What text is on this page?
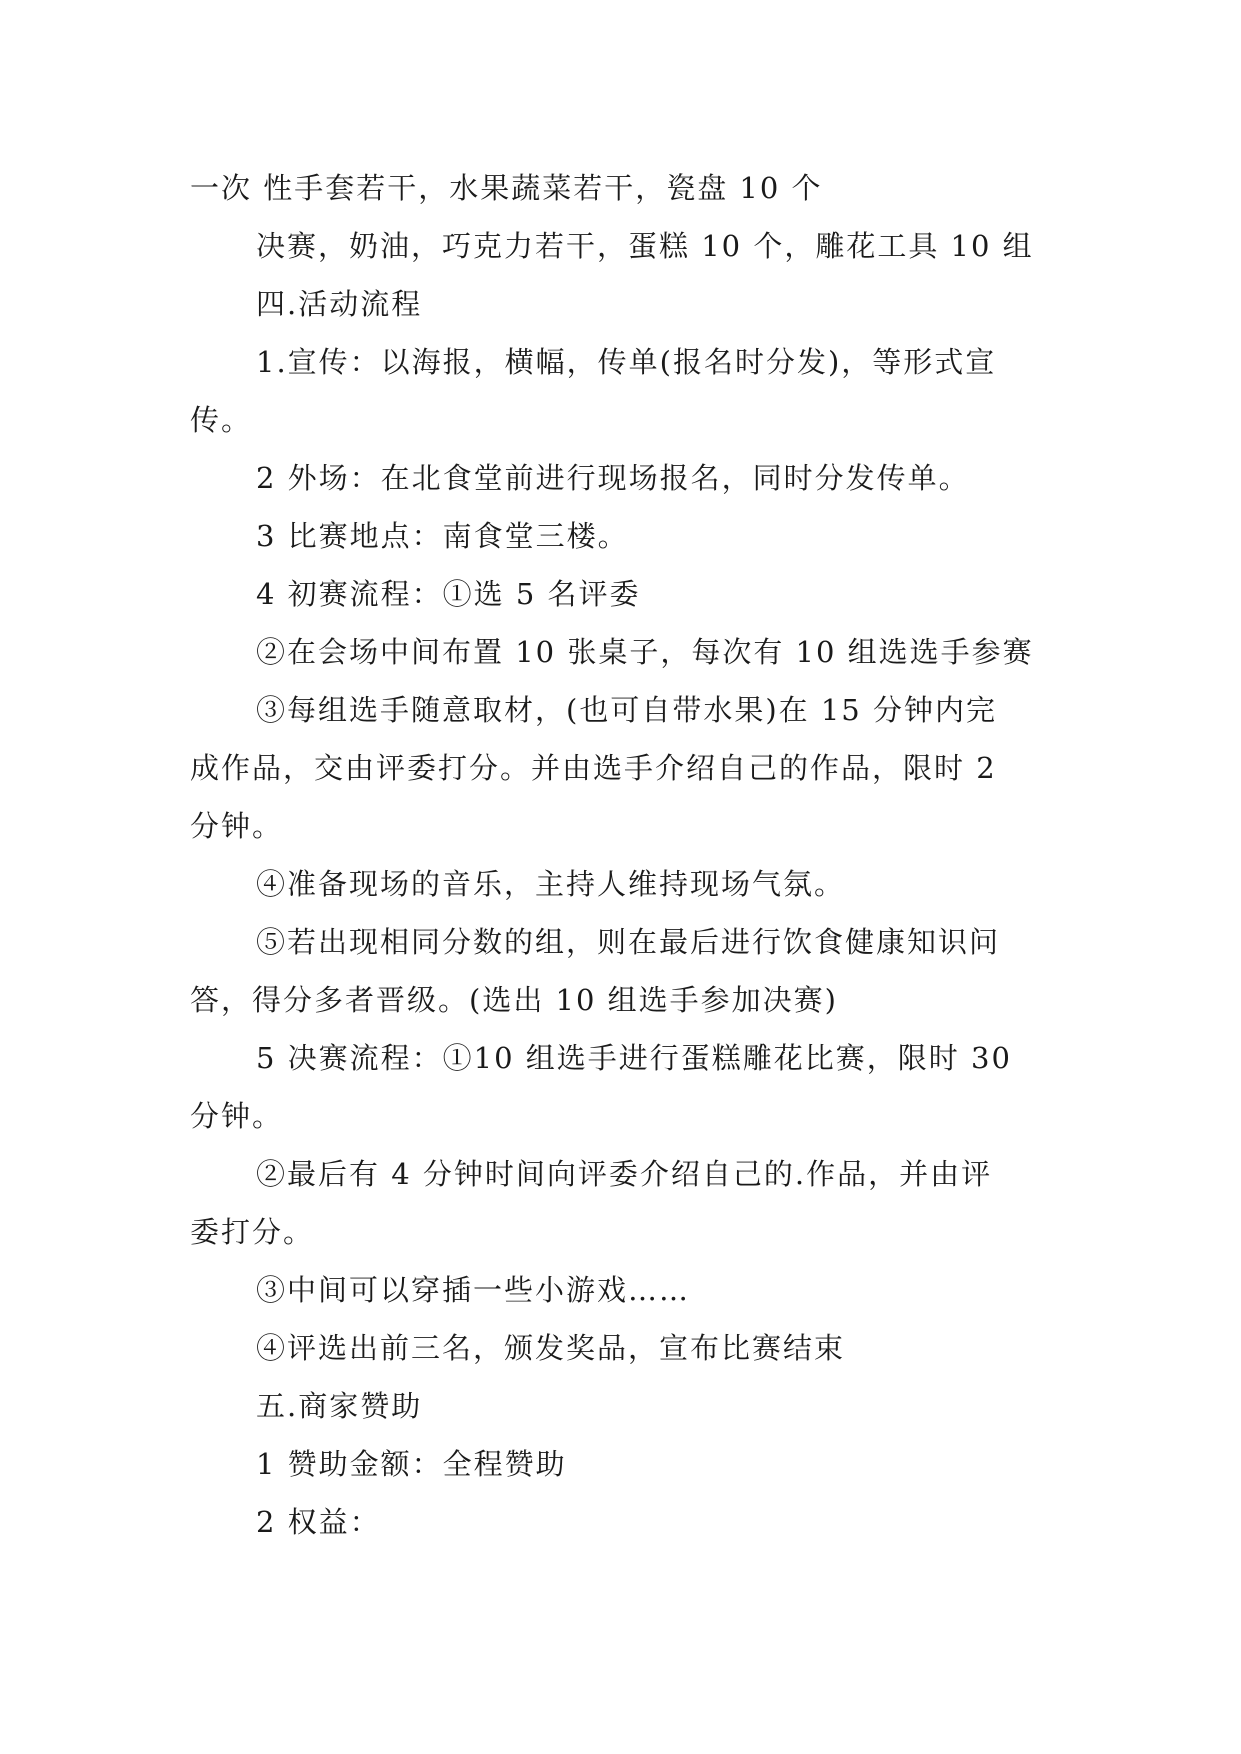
一次 性手套若干，水果蔬菜若干，瓷盘 10 个
决赛，奶油，巧克力若干，蛋糕 10 个，雕花工具 10 组
四.活动流程
1.宣传：以海报，横幅，传单(报名时分发)，等形式宣
传。
2 外场：在北食堂前进行现场报名，同时分发传单。
3 比赛地点：南食堂三楼。
4 初赛流程：①选 5 名评委
②在会场中间布置 10 张桌子，每次有 10 组选选手参赛
③每组选手随意取材，(也可自带水果)在 15 分钟内完
成作品，交由评委打分。并由选手介绍自己的作品，限时 2
分钟。
④准备现场的音乐，主持人维持现场气氛。
⑤若出现相同分数的组，则在最后进行饮食健康知识问
答，得分多者晋级。(选出 10 组选手参加决赛)
5 决赛流程：①10 组选手进行蛋糕雕花比赛，限时 30
分钟。
②最后有 4 分钟时间向评委介绍自己的.作品，并由评
委打分。
③中间可以穿插一些小游戏……
④评选出前三名，颁发奖品，宣布比赛结束
五.商家赞助
1 赞助金额：全程赞助
2 权益：
